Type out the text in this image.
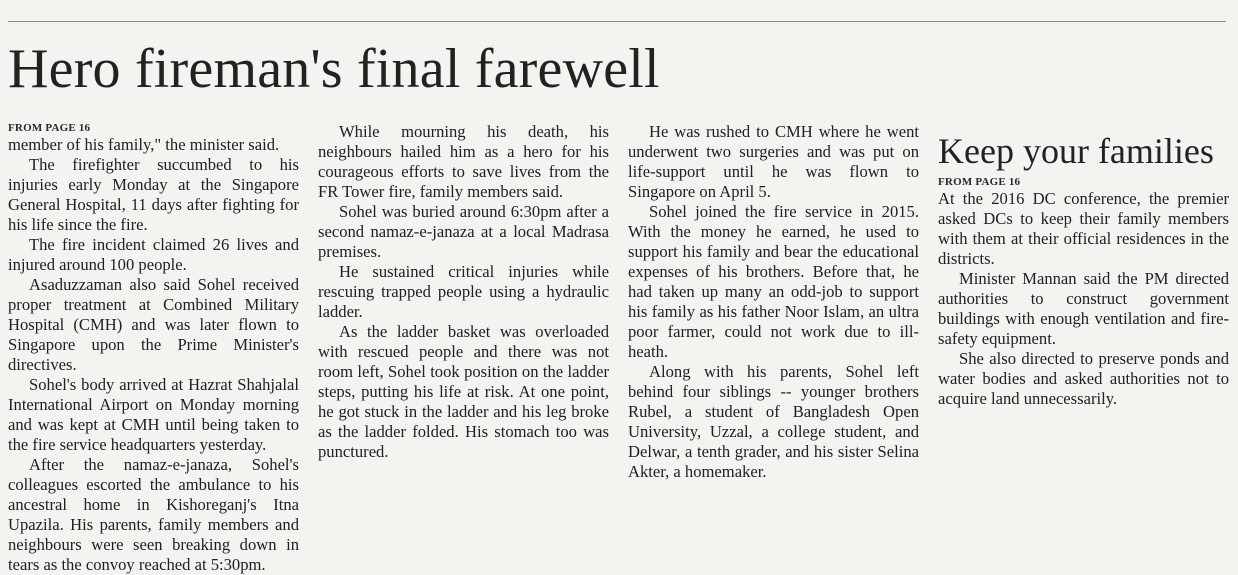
Hero fireman's final farewell
FROM PAGE 16

member of his family," the minister said.

The firefighter succumbed to his injuries early Monday at the Singapore General Hospital, 11 days after fighting for his life since the fire.

The fire incident claimed 26 lives and injured around 100 people.

Asaduzzaman also said Sohel received proper treatment at Combined Military Hospital (CMH) and was later flown to Singapore upon the Prime Minister's directives.

Sohel's body arrived at Hazrat Shahjalal International Airport on Monday morning and was kept at CMH until being taken to the fire service headquarters yesterday.

After the namaz-e-janaza, Sohel's colleagues escorted the ambulance to his ancestral home in Kishoreganj's Itna Upazila. His parents, family members and neighbours were seen breaking down in tears as the convoy reached at 5:30pm.

While mourning his death, his neighbours hailed him as a hero for his courageous efforts to save lives from the FR Tower fire, family members said.

Sohel was buried around 6:30pm after a second namaz-e-janaza at a local Madrasa premises.

He sustained critical injuries while rescuing trapped people using a hydraulic ladder.

As the ladder basket was overloaded with rescued people and there was not room left, Sohel took position on the ladder steps, putting his life at risk. At one point, he got stuck in the ladder and his leg broke as the ladder folded. His stomach too was punctured.

He was rushed to CMH where he went underwent two surgeries and was put on life-support until he was flown to Singapore on April 5.

Sohel joined the fire service in 2015. With the money he earned, he used to support his family and bear the educational expenses of his brothers. Before that, he had taken up many an odd-job to support his family as his father Noor Islam, an ultra poor farmer, could not work due to ill-heath.

Along with his parents, Sohel left behind four siblings -- younger brothers Rubel, a student of Bangladesh Open University, Uzzal, a college student, and Delwar, a tenth grader, and his sister Selina Akter, a homemaker.

Keep your families
FROM PAGE 16

At the 2016 DC conference, the premier asked DCs to keep their family members with them at their official residences in the districts.

Minister Mannan said the PM directed authorities to construct government buildings with enough ventilation and fire-safety equipment.

She also directed to preserve ponds and water bodies and asked authorities not to acquire land unnecessarily.
